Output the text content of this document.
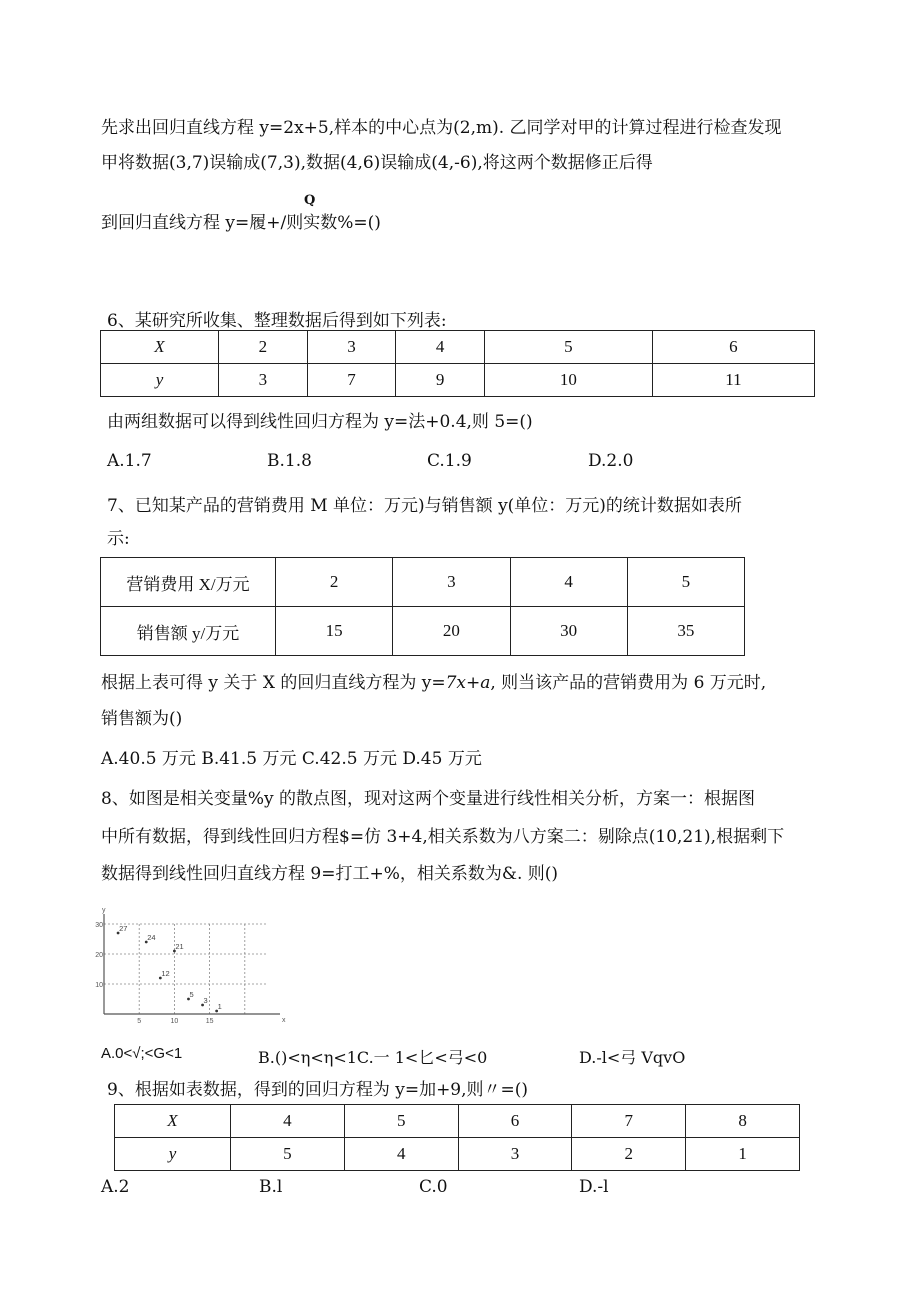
先求出回归直线方程 y=2x+5,样本的中心点为(2,m). 乙同学对甲的计算过程进行检查发现
甲将数据(3,7)误输成(7,3),数据(4,6)误输成(4,-6),将这两个数据修正后得
Q
到回归直线方程 y=履+/则实数%=()
6、某研究所收集、整理数据后得到如下列表:
X	2	3	4	5	6
y	3	7	9	10	11
由两组数据可以得到线性回归方程为 y=法+0.4,则 5=()
A.1.7	B.1.8	C.1.9	D.2.0
7、已知某产品的营销费用 M 单位：万元)与销售额 y(单位：万元)的统计数据如表所
示:
营销费用 X/万元	2	3	4	5
销售额 y/万元	15	20	30	35
根据上表可得 y 关于 X 的回归直线方程为 y=7x+a, 则当该产品的营销费用为 6 万元时,
销售额为()
A.40.5 万元 B.41.5 万元 C.42.5 万元 D.45 万元
8、如图是相关变量%y 的散点图，现对这两个变量进行线性相关分析，方案一：根据图
中所有数据，得到线性回归方程$=仿 3+4,相关系数为八方案二：剔除点(10,21),根据剩下
数据得到线性回归直线方程 9=打工+%，相关系数为&. 则()
x
y
10
20
30
5	10	15
27
24
21
12
5
3
1
A.0<√;<G<1	B.()<η<η<1C.一 1<匕<弓<0	D.-l<弓 VqvO
9、根据如表数据，得到的回归方程为 y=加+9,则〃=()
X	4	5	6	7	8
y	5	4	3	2	1
A.2	B.l	C.0	D.-l
